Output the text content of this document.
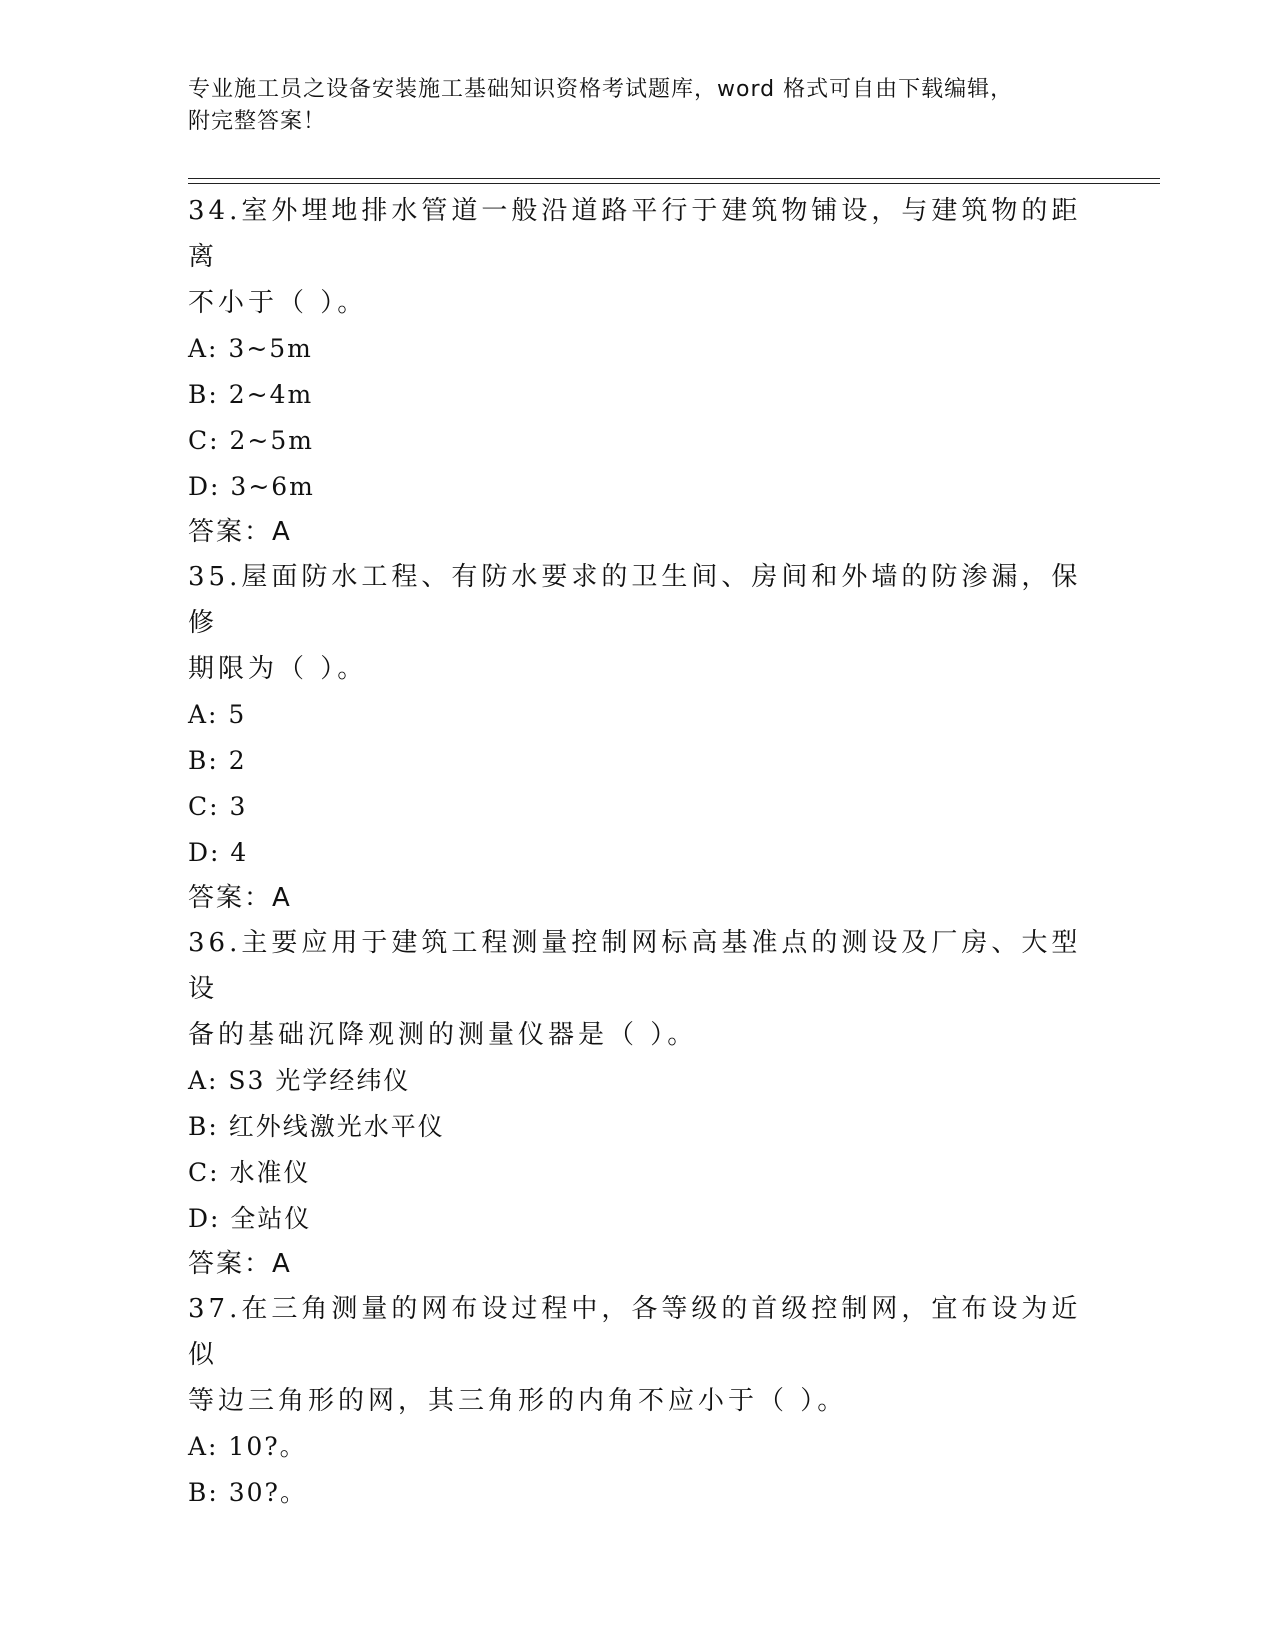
专业施工员之设备安装施工基础知识资格考试题库，word 格式可自由下载编辑，
附完整答案！

34.室外埋地排水管道一般沿道路平行于建筑物铺设，与建筑物的距离
不小于（ ）。

A: 3~5m

B: 2~4m

C: 2~5m

D: 3~6m

答案：A

35.屋面防水工程、有防水要求的卫生间、房间和外墙的防渗漏，保修
期限为（ ）。

A: 5

B: 2

C: 3

D: 4

答案：A

36.主要应用于建筑工程测量控制网标高基准点的测设及厂房、大型设
备的基础沉降观测的测量仪器是（ ）。

A: S3 光学经纬仪

B: 红外线激光水平仪

C: 水准仪

D: 全站仪

答案：A

37.在三角测量的网布设过程中，各等级的首级控制网，宜布设为近似
等边三角形的网，其三角形的内角不应小于（ ）。

A: 10?。

B: 30?。
